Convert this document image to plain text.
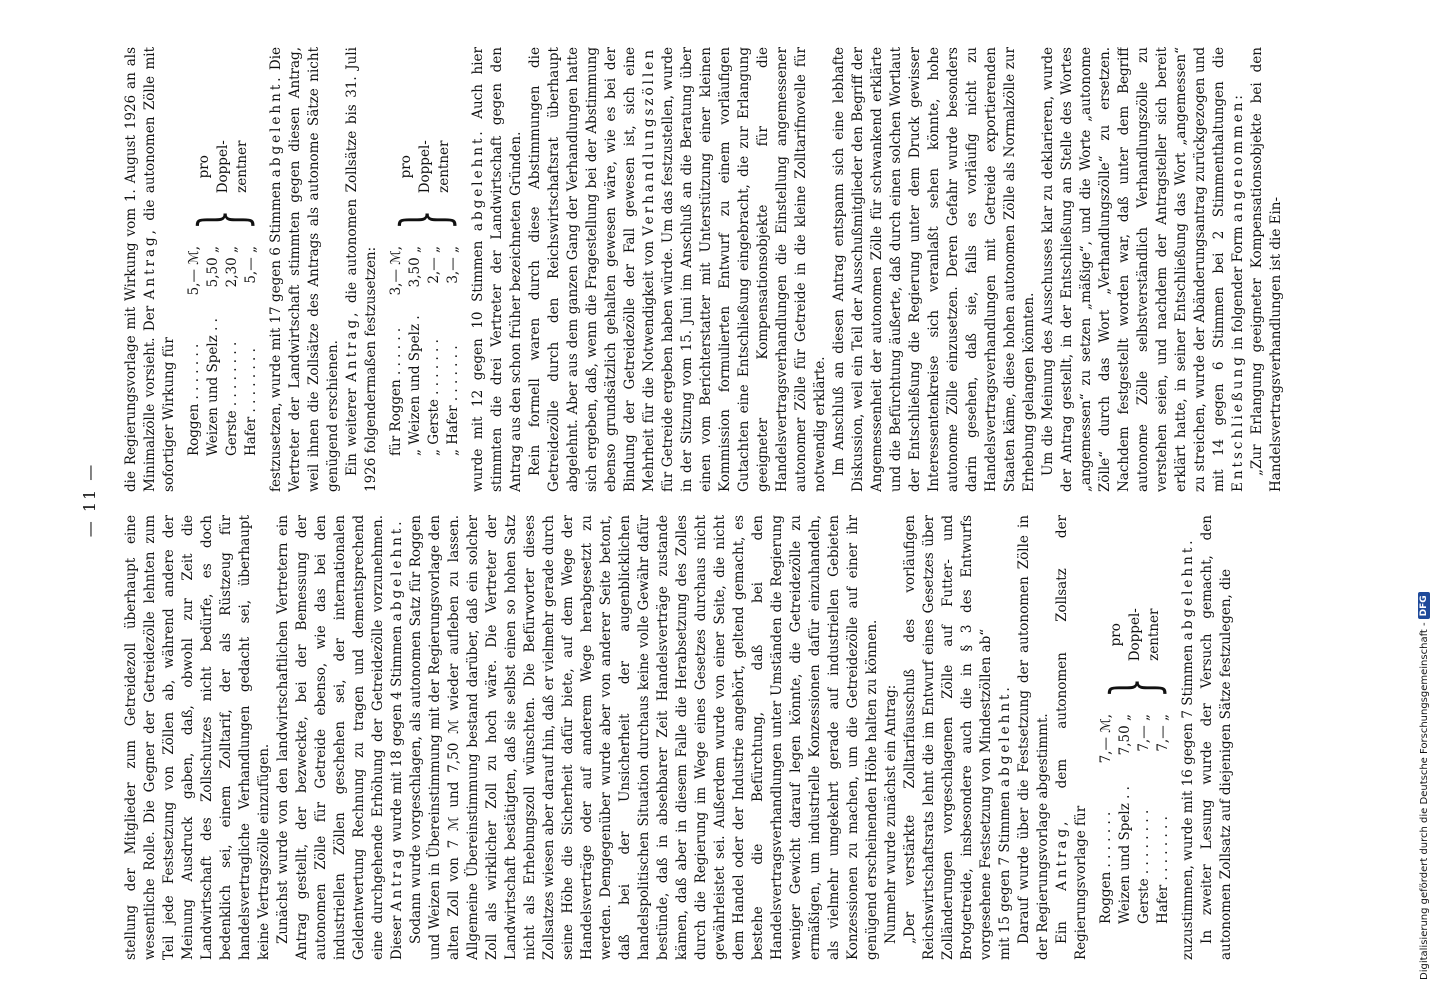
— 11 —

stellung der Mitglieder zum Getreidezoll überhaupt eine wesentliche Rolle. Die Gegner der Getreidezölle lehnten zum Teil jede Festsetzung von Zöllen ab, während andere der Meinung Ausdruck gaben, daß, obwohl zur Zeit die Landwirtschaft des Zollschutzes nicht bedürfe, es doch bedenklich sei, einem Zolltarif, der als Rüstzeug für handelsvertragliche Verhandlungen gedacht sei, überhaupt keine Vertragszölle einzufügen. Zunächst wurde von den landwirtschaftlichen Vertretern ein Antrag gestellt, der bezweckte, bei der Bemessung der autonomen Zölle für Getreide ebenso, wie das bei den industriellen Zöllen geschehen sei, der internationalen Geldentwertung Rechnung zu tragen und dementsprechend eine durchgehende Erhöhung der Getreidezölle vorzunehmen. Dieser Antrag wurde mit 18 gegen 4 Stimmen abgelehnt. Sodann wurde vorgeschlagen, als autonomen Satz für Roggen und Weizen in Übereinstimmung mit der Regierungsvorlage den alten Zoll von 7 ℳ und 7,50 ℳ wieder aufleben zu lassen. Allgemeine Übereinstimmung bestand darüber, daß ein solcher Zoll als wirklicher Zoll zu hoch wäre. Die Vertreter der Landwirtschaft bestätigten, daß sie selbst einen so hohen Satz nicht als Erhebungszoll wünschten. Die Befürworter dieses Zollsatzes wiesen aber darauf hin, daß er vielmehr gerade durch seine Höhe die Sicherheit dafür biete, auf dem Wege der Handelsverträge oder auf anderem Wege herabgesetzt zu werden. Demgegenüber wurde aber von anderer Seite betont, daß bei der Unsicherheit der augenblicklichen handelspolitischen Situation durchaus keine volle Gewähr dafür bestünde, daß in absehbarer Zeit Handelsverträge zustande kämen, daß aber in diesem Falle die Herabsetzung des Zolles durch die Regierung im Wege eines Gesetzes durchaus nicht gewährleistet sei. Außerdem wurde von einer Seite, die nicht dem Handel oder der Industrie angehört, geltend gemacht, es bestehe die Befürchtung, daß bei den Handelsvertragsverhandlungen unter Umständen die Regierung weniger Gewicht darauf legen könnte, die Getreidezölle zu ermäßigen, um industrielle Konzessionen dafür einzuhandeln, als vielmehr umgekehrt gerade auf industriellen Gebieten Konzessionen zu machen, um die Getreidezölle auf einer ihr genügend erscheinenden Höhe halten zu können. Nunmehr wurde zunächst ein Antrag: „Der verstärkte Zolltarifausschuß des vorläufigen Reichswirtschaftsrats lehnt die im Entwurf eines Gesetzes über Zolländerungen vorgeschlagenen Zölle auf Futter- und Brotgetreide, insbesondere auch die in § 3 des Entwurfs vorgesehene Festsetzung von Mindestzöllen ab“ mit 15 gegen 7 Stimmen abgelehnt. Darauf wurde über die Festsetzung der autonomen Zölle in der Regierungsvorlage abgestimmt. Ein Antrag, dem autonomen Zollsatz der Regierungsvorlage für Roggen . . . . . . .
7,— ℳ,
Weizen und Spelz . .
7,50 „
Gerste . . . . . . . .
7,— „
Hafer . . . . . . . .
7,— „
}
pro Doppel- zentner

zuzustimmen, wurde mit 16 gegen 7 Stimmen abgelehnt. In zweiter Lesung wurde der Versuch gemacht, den autonomen Zollsatz auf diejenigen Sätze festzulegen, die

die Regierungsvorlage mit Wirkung vom 1. August 1926 an als Minimalzölle vorsieht. Der Antrag, die autonomen Zölle mit sofortiger Wirkung für Roggen . . . . . . .
5,— ℳ,
Weizen und Spelz . .
5,50 „
Gerste . . . . . . . .
2,30 „
Hafer . . . . . . . .
5,— „
}
pro Doppel- zentner

festzusetzen, wurde mit 17 gegen 6 Stimmen abgelehnt. Die Vertreter der Landwirtschaft stimmten gegen diesen Antrag, weil ihnen die Zollsätze des Antrags als autonome Sätze nicht genügend erschienen. Ein weiterer Antrag, die autonomen Zollsätze bis 31. Juli 1926 folgendermaßen festzusetzen: für Roggen . . . . . .
3,— ℳ,
„ Weizen und Spelz .
3,50 „
„ Gerste . . . . . . .
2,— „
„ Hafer . . . . . . .
3,— „
}
pro Doppel- zentner

wurde mit 12 gegen 10 Stimmen abgelehnt. Auch hier stimmten die drei Vertreter der Landwirtschaft gegen den Antrag aus den schon früher bezeichneten Gründen. Rein formell waren durch diese Abstimmungen die Getreidezölle durch den Reichswirtschaftsrat überhaupt abgelehnt. Aber aus dem ganzen Gang der Verhandlungen hatte sich ergeben, daß, wenn die Fragestellung bei der Abstimmung ebenso grundsätzlich gehalten gewesen wäre, wie es bei der Bindung der Getreidezölle der Fall gewesen ist, sich eine Mehrheit für die Notwendigkeit von Verhandlungszöllen für Getreide ergeben haben würde. Um das festzustellen, wurde in der Sitzung vom 15. Juni im Anschluß an die Beratung über einen vom Berichterstatter mit Unterstützung einer kleinen Kommission formulierten Entwurf zu einem vorläufigen Gutachten eine Entschließung eingebracht, die zur Erlangung geeigneter Kompensationsobjekte für die Handelsvertragsverhandlungen die Einstellung angemessener autonomer Zölle für Getreide in die kleine Zolltarifnovelle für notwendig erklärte. Im Anschluß an diesen Antrag entspann sich eine lebhafte Diskussion, weil ein Teil der Ausschußmitglieder den Begriff der Angemessenheit der autonomen Zölle für schwankend erklärte und die Befürchtung äußerte, daß durch einen solchen Wortlaut der Entschließung die Regierung unter dem Druck gewisser Interessentenkreise sich veranlaßt sehen könnte, hohe autonome Zölle einzusetzen. Deren Gefahr wurde besonders darin gesehen, daß sie, falls es vorläufig nicht zu Handelsvertragsverhandlungen mit Getreide exportierenden Staaten käme, diese hohen autonomen Zölle als Normalzölle zur Erhebung gelangen könnten. Um die Meinung des Ausschusses klar zu deklarieren, wurde der Antrag gestellt, in der Entschließung an Stelle des Wortes „angemessen“ zu setzen „mäßige“, und die Worte „autonome Zölle“ durch das Wort „Verhandlungszölle“ zu ersetzen. Nachdem festgestellt worden war, daß unter dem Begriff autonome Zölle selbstverständlich Verhandlungszölle zu verstehen seien, und nachdem der Antragsteller sich bereit erklärt hatte, in seiner Entschließung das Wort „angemessen“ zu streichen, wurde der Abänderungsantrag zurückgezogen und mit 14 gegen 6 Stimmen bei 2 Stimmenthaltungen die Entschließung in folgender Form angenommen: „Zur Erlangung geeigneter Kompensationsobjekte bei den Handelsvertragsverhandlungen ist die Ein-

Digitalisierung gefördert durch die Deutsche Forschungsgemeinschaft -
DFG
